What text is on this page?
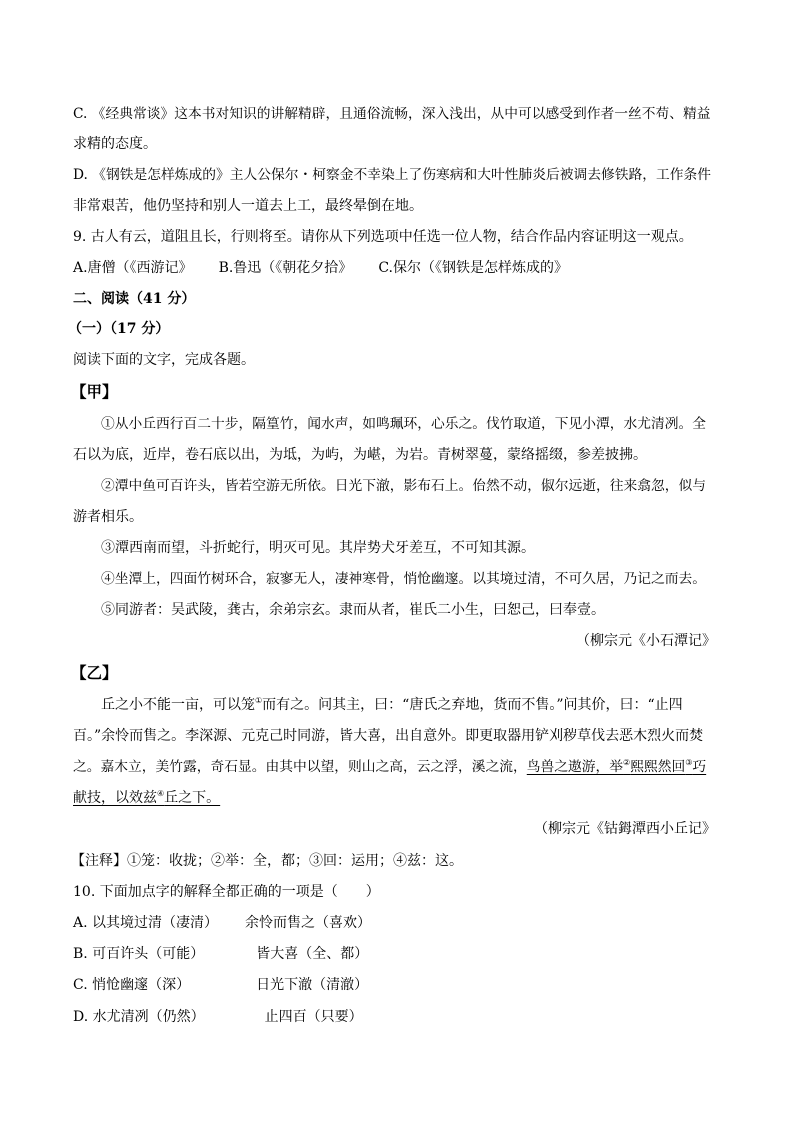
C. 《经典常谈》这本书对知识的讲解精辟，且通俗流畅，深入浅出，从中可以感受到作者一丝不苟、精益
求精的态度。
D. 《钢铁是怎样炼成的》主人公保尔・柯察金不幸染上了伤寒病和大叶性肺炎后被调去修铁路，工作条件
非常艰苦，他仍坚持和别人一道去上工，最终晕倒在地。
9. 古人有云，道阻且长，行则将至。请你从下列选项中任选一位人物，结合作品内容证明这一观点。
A.唐僧（《西游记》 B.鲁迅（《朝花夕拾》 C.保尔（《钢铁是怎样炼成的》
二、阅读（41 分）
（一）（17 分）
阅读下面的文字，完成各题。
【甲】
①从小丘西行百二十步，隔篁竹，闻水声，如鸣珮环，心乐之。伐竹取道，下见小潭，水尤清冽。全
石以为底，近岸，卷石底以出，为坻，为屿，为嵁，为岩。青树翠蔓，蒙络摇缀，参差披拂。
②潭中鱼可百许头，皆若空游无所依。日光下澈，影布石上。佁然不动，俶尔远逝，往来翕忽，似与
游者相乐。
③潭西南而望，斗折蛇行，明灭可见。其岸势犬牙差互，不可知其源。
④坐潭上，四面竹树环合，寂寥无人，凄神寒骨，悄怆幽邃。以其境过清，不可久居，乃记之而去。
⑤同游者：吴武陵，龚古，余弟宗玄。隶而从者，崔氏二小生，曰恕己，曰奉壹。
（柳宗元《小石潭记》
【乙】
丘之小不能一亩，可以笼①而有之。问其主，曰：“唐氏之弃地，货而不售。”问其价，曰：“止四
百。”余怜而售之。李深源、元克己时同游，皆大喜，出自意外。即更取器用铲刈秽草伐去恶木烈火而焚
之。嘉木立，美竹露，奇石显。由其中以望，则山之高，云之浮，溪之流，鸟兽之遨游，举②熙熙然回③巧
献技，以效兹④丘之下。
（柳宗元《钴鉧潭西小丘记》
【注释】①笼：收拢；②举：全，都；③回：运用；④兹：这。
10. 下面加点字的解释全都正确的一项是（　　）
A. 以其境过清（凄清） 余怜而售之（喜欢）
B. 可百许头（可能）	皆大喜（全、都）
C. 悄怆幽邃（深）	日光下澈（清澈）
D. 水尤清冽（仍然）	止四百（只要）
